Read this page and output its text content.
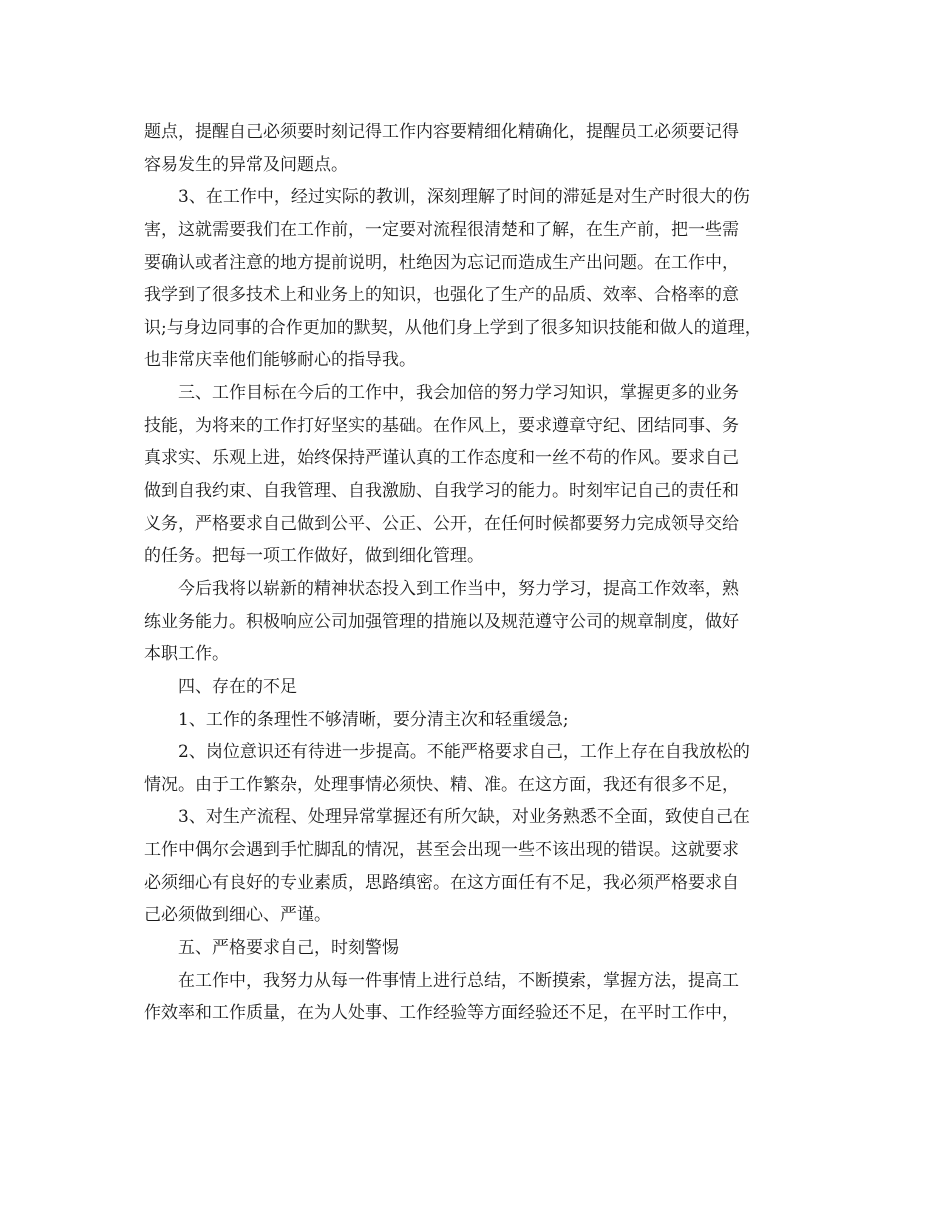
题点，提醒自己必须要时刻记得工作内容要精细化精确化，提醒员工必须要记得
容易发生的异常及问题点。
3、在工作中，经过实际的教训，深刻理解了时间的滞延是对生产时很大的伤
害，这就需要我们在工作前，一定要对流程很清楚和了解，在生产前，把一些需
要确认或者注意的地方提前说明，杜绝因为忘记而造成生产出问题。在工作中，
我学到了很多技术上和业务上的知识，也强化了生产的品质、效率、合格率的意
识;与身边同事的合作更加的默契，从他们身上学到了很多知识技能和做人的道理，
也非常庆幸他们能够耐心的指导我。
三、工作目标在今后的工作中，我会加倍的努力学习知识，掌握更多的业务
技能，为将来的工作打好坚实的基础。在作风上，要求遵章守纪、团结同事、务
真求实、乐观上进，始终保持严谨认真的工作态度和一丝不苟的作风。要求自己
做到自我约束、自我管理、自我激励、自我学习的能力。时刻牢记自己的责任和
义务，严格要求自己做到公平、公正、公开，在任何时候都要努力完成领导交给
的任务。把每一项工作做好，做到细化管理。
今后我将以崭新的精神状态投入到工作当中，努力学习，提高工作效率，熟
练业务能力。积极响应公司加强管理的措施以及规范遵守公司的规章制度，做好
本职工作。
四、存在的不足
1、工作的条理性不够清晰，要分清主次和轻重缓急;
2、岗位意识还有待进一步提高。不能严格要求自己，工作上存在自我放松的
情况。由于工作繁杂，处理事情必须快、精、准。在这方面，我还有很多不足，
3、对生产流程、处理异常掌握还有所欠缺，对业务熟悉不全面，致使自己在
工作中偶尔会遇到手忙脚乱的情况，甚至会出现一些不该出现的错误。这就要求
必须细心有良好的专业素质，思路缜密。在这方面任有不足，我必须严格要求自
己必须做到细心、严谨。
五、严格要求自己，时刻警惕
在工作中，我努力从每一件事情上进行总结，不断摸索，掌握方法，提高工
作效率和工作质量，在为人处事、工作经验等方面经验还不足，在平时工作中，
